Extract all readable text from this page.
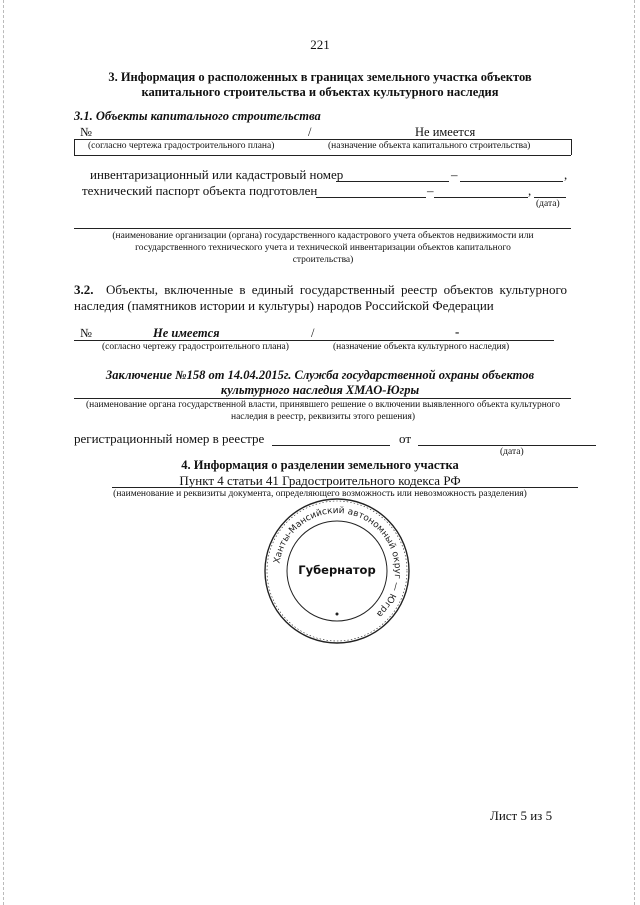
221
3. Информация о расположенных в границах земельного участка объектов
капитального строительства и объектах культурного наследия
3.1. Объекты капитального строительства
№	/	Не имеется
(согласно чертежа градостроительного плана)	(назначение объекта капитального строительства)
инвентаризационный или кадастровый номер	–	,
технический паспорт объекта подготовлен	–	,
(дата)
(наименование организации (органа) государственного кадастрового учета объектов недвижимости или
государственного технического учета и технической инвентаризации объектов капитального
строительства)
3.2. Объекты, включенные в единый государственный реестр объектов культурного
наследия (памятников истории и культуры) народов Российской Федерации
№	Не имеется	/	-
(согласно чертежу градостроительного плана)	(назначение объекта культурного наследия)
Заключение №158 от 14.04.2015г. Служба государственной охраны объектов
культурного наследия ХМАО-Югры
(наименование органа государственной власти, принявшего решение о включении выявленного объекта культурного
наследия в реестр, реквизиты этого решения)
регистрационный номер в реестре	от
(дата)
4. Информация о разделении земельного участка
Пункт 4 статьи 41 Градостроительного кодекса РФ
(наименование и реквизиты документа, определяющего возможность или невозможность разделения)
Ханты-Мансийский автономный округ — Югра
Губернатор
Лист 5 из 5
